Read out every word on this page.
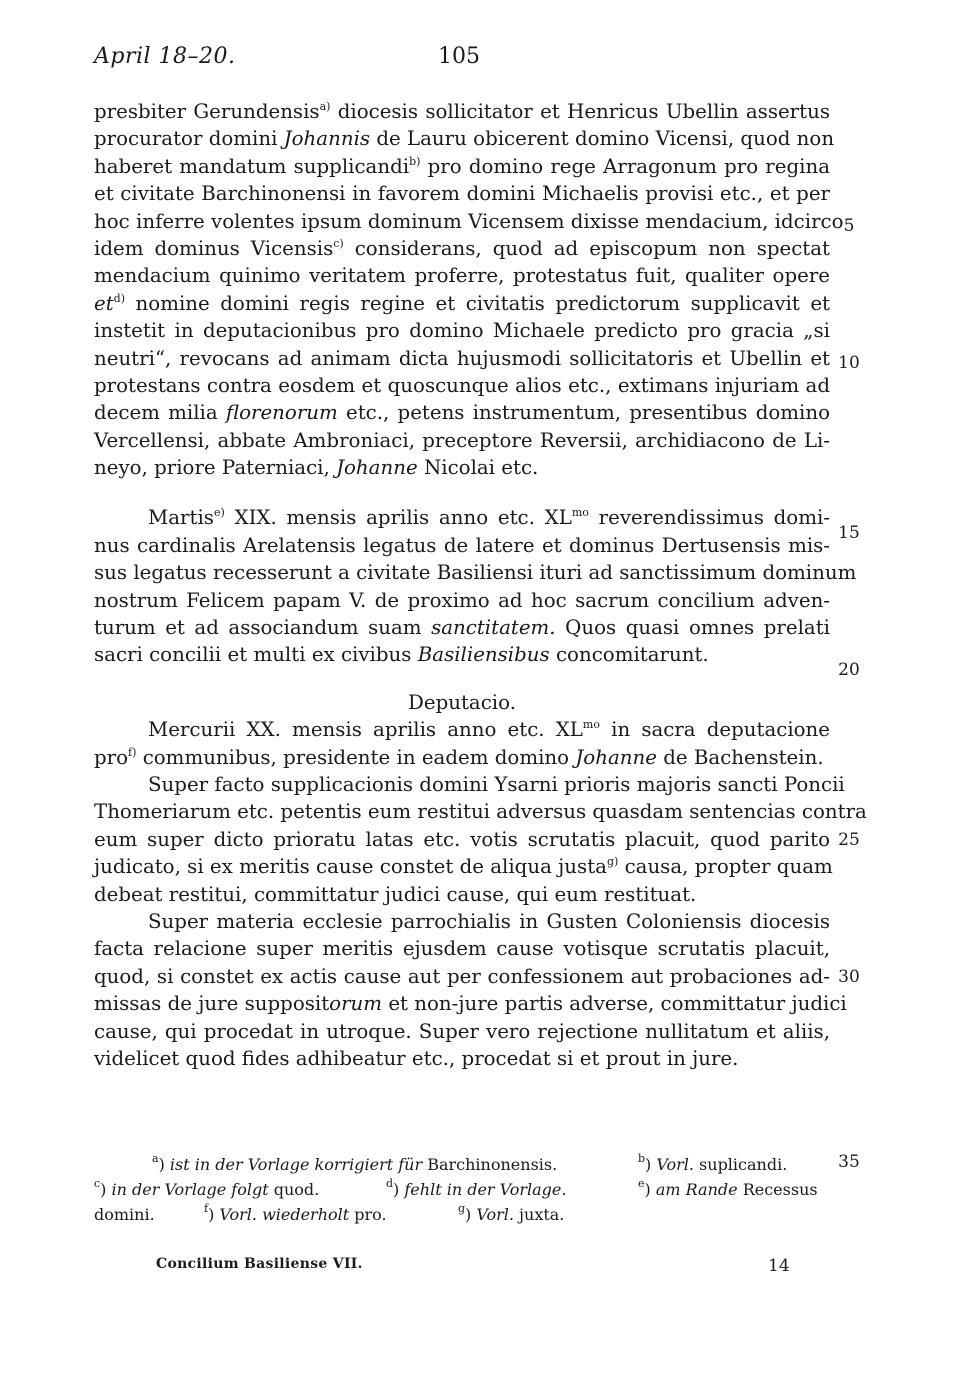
April 18–20.	105
presbiter Gerundensis$^{a)}$ diocesis sollicitator et Henricus Ubellin assertus
procurator domini Johannis de Lauru obicerent domino Vicensi, quod non
haberet mandatum supplicandi$^{b)}$ pro domino rege Arragonum pro regina
et civitate Barchinonensi in favorem domini Michaelis provisi etc., et per
hoc inferre volentes ipsum dominum Vicensem dixisse mendacium, idcirco
idem dominus Vicensis$^{c)}$ considerans, quod ad episcopum non spectat
mendacium quinimo veritatem proferre, protestatus fuit, qualiter opere
$et^{d)}$ nomine domini regis regine et civitatis predictorum supplicavit et
instetit in deputacionibus pro domino Michaele predicto pro gracia „si
neutri“, revocans ad animam dicta hujusmodi sollicitatoris et Ubellin et
protestans contra eosdem et quoscunque alios etc., extimans injuriam ad
decem milia florenorum etc., petens instrumentum, presentibus domino
Vercellensi, abbate Ambroniaci, preceptore Reversii, archidiacono de Li-
neyo, priore Paterniaci, Johanne Nicolai etc.
Martis$^{e)}$ XIX. mensis aprilis anno etc. $XL^{mo}$ reverendissimus domi-
nus cardinalis Arelatensis legatus de latere et dominus Dertusensis mis-
sus legatus recesserunt a civitate Basiliensi ituri ad sanctissimum dominum
nostrum Felicem papam V. de proximo ad hoc sacrum concilium adven-
turum et ad associandum suam sanctitatem. Quos quasi omnes prelati
sacri concilii et multi ex civibus Basiliensibus concomitarunt.
Deputacio.
Mercurii XX. mensis aprilis anno etc. $XL^{mo}$ in sacra deputacione
pro$^{f)}$ communibus, presidente in eadem domino Johanne de Bachenstein.
Super facto supplicacionis domini Ysarni prioris majoris sancti Poncii
Thomeriarum etc. petentis eum restitui adversus quasdam sentencias contra
eum super dicto prioratu latas etc. votis scrutatis placuit, quod parito
judicato, si ex meritis cause constet de aliqua justa$^{g)}$ causa, propter quam
debeat restitui, committatur judici cause, qui eum restituat.
Super materia ecclesie parrochialis in Gusten Coloniensis diocesis
facta relacione super meritis ejusdem cause votisque scrutatis placuit,
quod, si constet ex actis cause aut per confessionem aut probaciones ad-
missas de jure suppositorum et non-jure partis adverse, committatur judici
cause, qui procedat in utroque. Super vero rejectione nullitatum et aliis,
videlicet quod fides adhibeatur etc., procedat si et prout in jure.
5
10
15
20
25
30
35
$^a$) ist in der Vorlage korrigiert für Barchinonensis.	$^b$) Vorl. suplicandi.
$^c$) in der Vorlage folgt quod.	$^d$) fehlt in der Vorlage.	$^e$) am Rande Recessus
domini.	$^f$) Vorl. wiederholt pro.	$^g$) Vorl. juxta.
Concilium Basiliense VII.	14
